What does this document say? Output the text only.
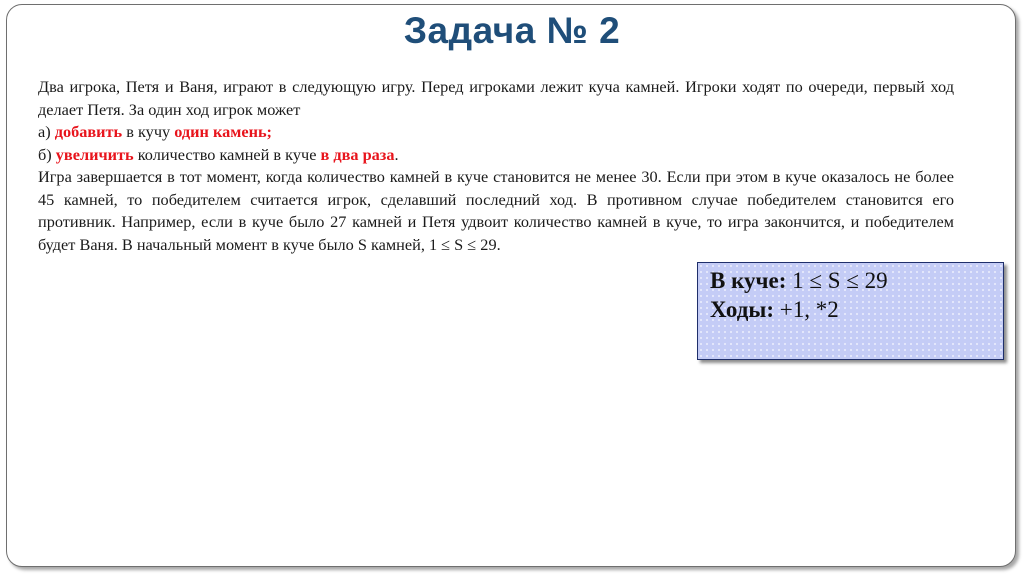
Задача № 2

Два игрока, Петя и Ваня, играют в следующую игру. Перед игроками лежит куча камней. Игроки ходят по очереди, первый ход делает Петя. За один ход игрок может

а) добавить в кучу один камень;

б) увеличить количество камней в куче в два раза.

Игра завершается в тот момент, когда количество камней в куче становится не менее 30. Если при этом в куче оказалось не более 45 камней, то победителем считается игрок, сделавший последний ход. В противном случае победителем становится его противник. Например, если в куче было 27 камней и Петя удвоит количество камней в куче, то игра закончится, и победителем будет Ваня. В начальный момент в куче было S камней, 1 ≤ S ≤ 29.

В куче: 1 ≤ S ≤ 29
Ходы: +1, *2
